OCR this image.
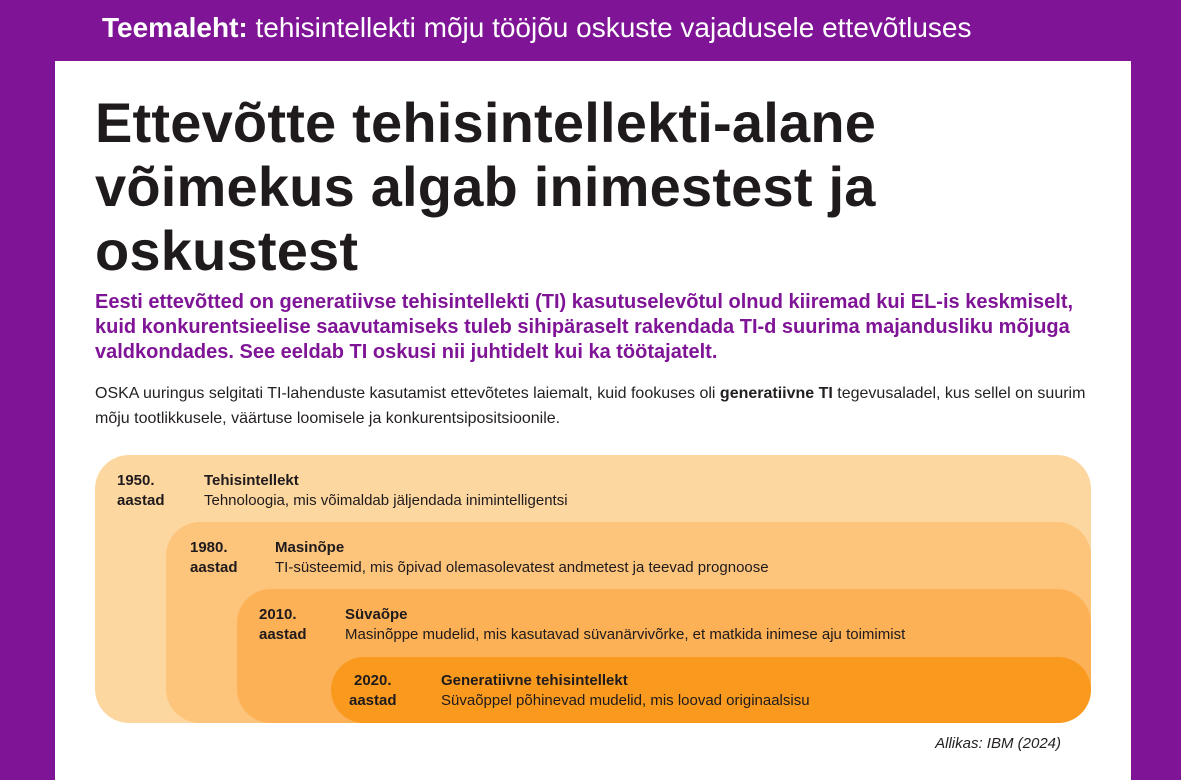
Teemaleht: tehisintellekti mõju tööjõu oskuste vajadusele ettevõtluses
Ettevõtte tehisintellekti-alane võimekus algab inimestest ja oskustest

Eesti ettevõtted on generatiivse tehisintellekti (TI) kasutuselevõtul olnud kiiremad kui EL-is keskmiselt, kuid konkurentsieelise saavutamiseks tuleb sihipäraselt rakendada TI-d suurima majandusliku mõjuga valdkondades. See eeldab TI oskusi nii juhtidelt kui ka töötajatelt.

OSKA uuringus selgitati TI-lahenduste kasutamist ettevõtetes laiemalt, kuid fookuses oli generatiivne TI tegevusaladel, kus sellel on suurim mõju tootlikkusele, väärtuse loomisele ja konkurentsipositsioonile.

1950.
aastad
Tehisintellekt
Tehnoloogia, mis võimaldab jäljendada inimintelligentsi
1980.
aastad
Masinõpe
TI-süsteemid, mis õpivad olemasolevatest andmetest ja teevad prognoose
2010.
aastad
Süvaõpe
Masinõppe mudelid, mis kasutavad süvanärvivõrke, et matkida inimese aju toimimist
2020.
aastad
Generatiivne tehisintellekt
Süvaõppel põhinevad mudelid, mis loovad originaalsisu
Allikas: IBM (2024)
